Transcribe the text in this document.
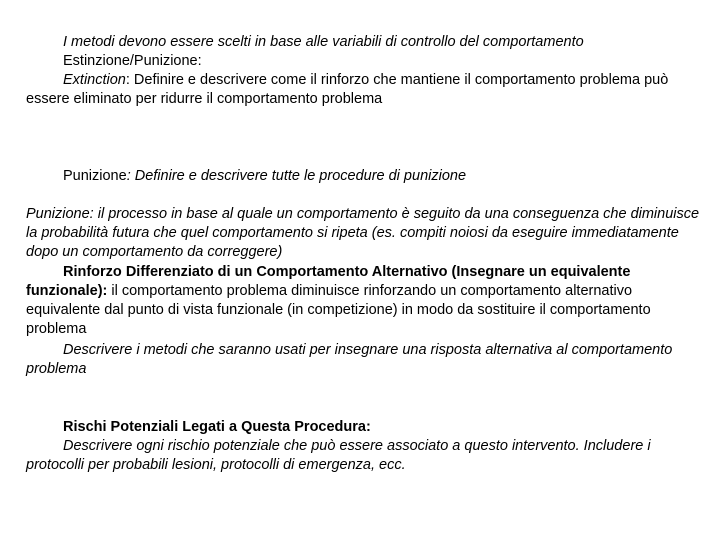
I metodi devono essere scelti in base alle variabili di controllo del comportamento

Estinzione/Punizione:

Extinction: Definire e descrivere come il rinforzo che mantiene il comportamento problema può essere eliminato per ridurre il comportamento problema

Punizione: Definire e descrivere tutte le procedure di punizione

Punizione: il processo in base al quale un comportamento è seguito da una conseguenza che diminuisce la probabilità futura che quel comportamento si ripeta (es. compiti noiosi da eseguire immediatamente dopo un comportamento da correggere)

Rinforzo Differenziato di un Comportamento Alternativo (Insegnare un equivalente funzionale): il comportamento problema diminuisce rinforzando un comportamento alternativo equivalente dal punto di vista funzionale (in competizione) in modo da sostituire il comportamento problema

Descrivere i metodi che saranno usati per insegnare una risposta alternativa al comportamento problema

Rischi Potenziali Legati a Questa Procedura:

Descrivere ogni rischio potenziale che può essere associato a questo intervento. Includere i protocolli per probabili lesioni, protocolli di emergenza, ecc.
